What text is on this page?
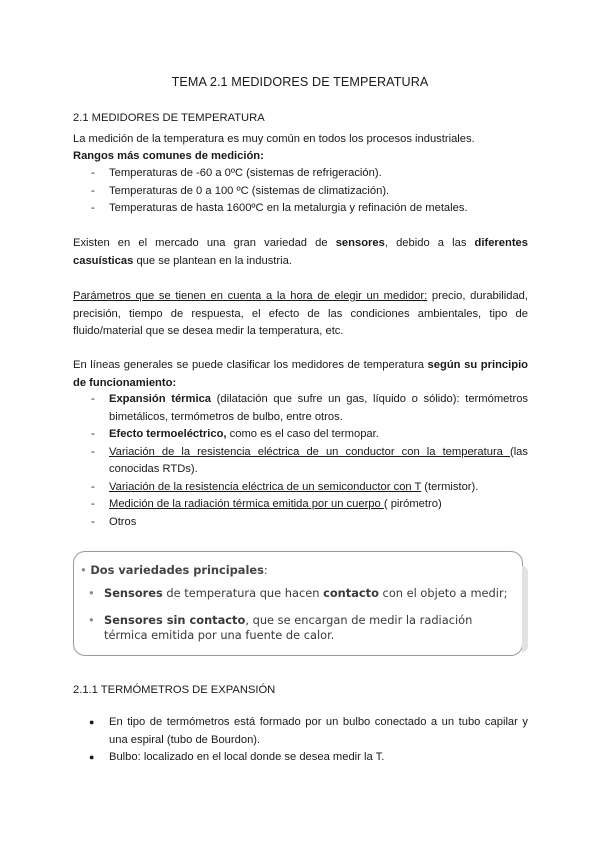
TEMA 2.1 MEDIDORES DE TEMPERATURA
2.1 MEDIDORES DE TEMPERATURA
La medición de la temperatura es muy común en todos los procesos industriales.
Rangos más comunes de medición:
- Temperaturas de -60 a 0ºC (sistemas de refrigeración).
- Temperaturas de 0 a 100 ºC (sistemas de climatización).
- Temperaturas de hasta 1600ºC en la metalurgia y refinación de metales.
Existen en el mercado una gran variedad de sensores, debido a las diferentes casuísticas que se plantean en la industria.
Parámetros que se tienen en cuenta a la hora de elegir un medidor: precio, durabilidad, precisión, tiempo de respuesta, el efecto de las condiciones ambientales, tipo de fluido/material que se desea medir la temperatura, etc.
En líneas generales se puede clasificar los medidores de temperatura según su principio de funcionamiento:
- Expansión térmica (dilatación que sufre un gas, líquido o sólido): termómetros bimetálicos, termómetros de bulbo, entre otros.
- Efecto termoeléctrico, como es el caso del termopar.
- Variación de la resistencia eléctrica de un conductor con la temperatura (las conocidas RTDs).
- Variación de la resistencia eléctrica de un semiconductor con T (termistor).
- Medición de la radiación térmica emitida por un cuerpo ( pirómetro)
- Otros
• Dos variedades principales:
• Sensores de temperatura que hacen contacto con el objeto a medir;
• Sensores sin contacto, que se encargan de medir la radiación térmica emitida por una fuente de calor.
2.1.1 TERMÓMETROS DE EXPANSIÓN
● En tipo de termómetros está formado por un bulbo conectado a un tubo capilar y una espiral (tubo de Bourdon).
● Bulbo: localizado en el local donde se desea medir la T.
